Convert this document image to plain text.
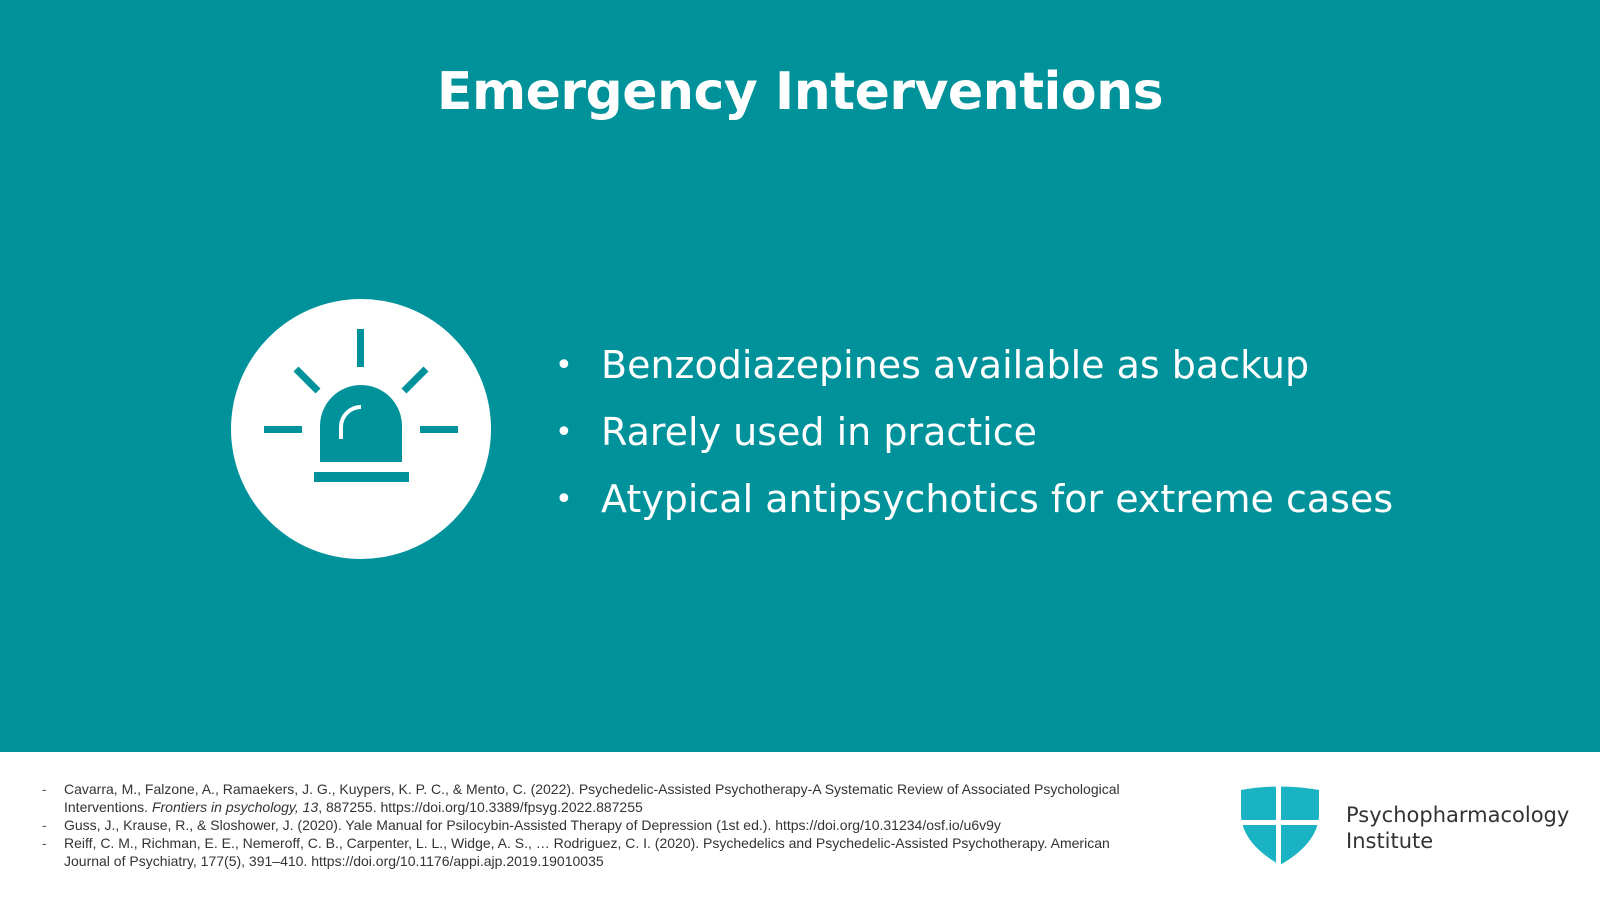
Emergency Interventions
• Benzodiazepines available as backup
• Rarely used in practice
• Atypical antipsychotics for extreme cases
- Cavarra, M., Falzone, A., Ramaekers, J. G., Kuypers, K. P. C., & Mento, C. (2022). Psychedelic-Assisted Psychotherapy-A Systematic Review of Associated Psychological Interventions. Frontiers in psychology, 13, 887255. https://doi.org/10.3389/fpsyg.2022.887255
- Guss, J., Krause, R., & Sloshower, J. (2020). Yale Manual for Psilocybin-Assisted Therapy of Depression (1st ed.). https://doi.org/10.31234/osf.io/u6v9y
- Reiff, C. M., Richman, E. E., Nemeroff, C. B., Carpenter, L. L., Widge, A. S., … Rodriguez, C. I. (2020). Psychedelics and Psychedelic-Assisted Psychotherapy. American Journal of Psychiatry, 177(5), 391–410. https://doi.org/10.1176/appi.ajp.2019.19010035
Psychopharmacology
Institute
